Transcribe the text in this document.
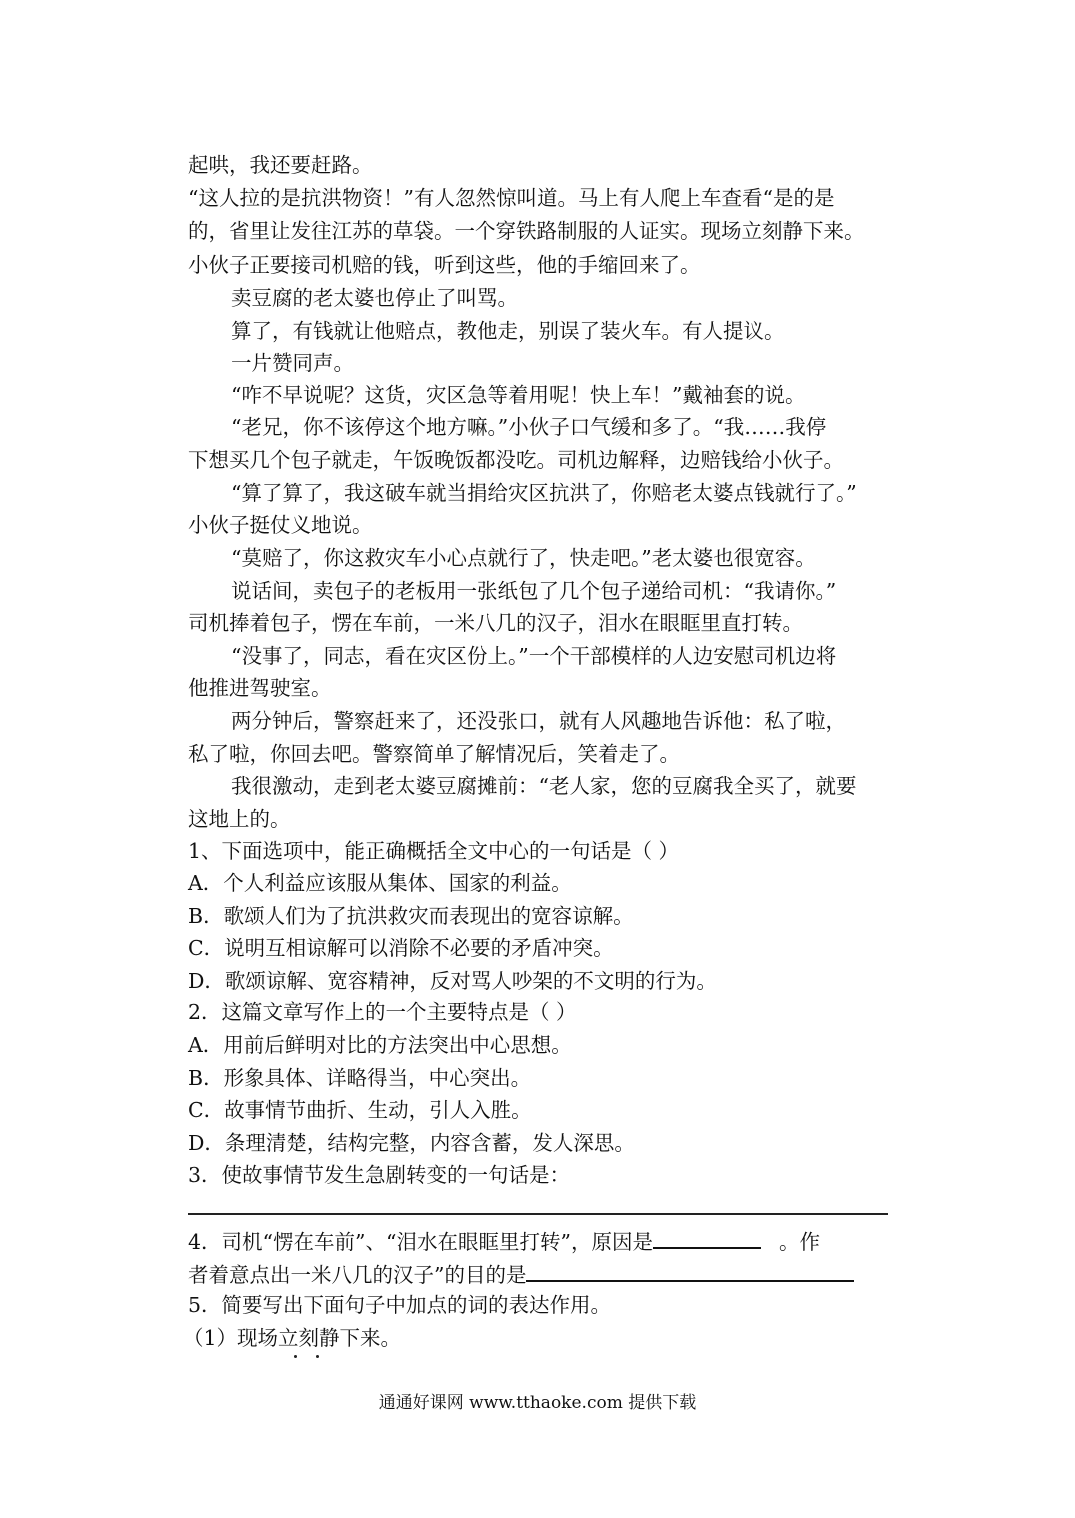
起哄，我还要赶路。
“这人拉的是抗洪物资！”有人忽然惊叫道。马上有人爬上车查看“是的是
的，省里让发往江苏的草袋。一个穿铁路制服的人证实。现场立刻静下来。
小伙子正要接司机赔的钱，听到这些，他的手缩回来了。
卖豆腐的老太婆也停止了叫骂。
算了，有钱就让他赔点，教他走，别误了装火车。有人提议。
一片赞同声。
“咋不早说呢？这货，灾区急等着用呢！快上车！”戴袖套的说。
“老兄，你不该停这个地方嘛。”小伙子口气缓和多了。“我……我停
下想买几个包子就走，午饭晚饭都没吃。司机边解释，边赔钱给小伙子。
“算了算了，我这破车就当捐给灾区抗洪了，你赔老太婆点钱就行了。”
小伙子挺仗义地说。
“莫赔了，你这救灾车小心点就行了，快走吧。”老太婆也很宽容。
说话间，卖包子的老板用一张纸包了几个包子递给司机：“我请你。”
司机捧着包子，愣在车前，一米八几的汉子，泪水在眼眶里直打转。
“没事了，同志，看在灾区份上。”一个干部模样的人边安慰司机边将
他推进驾驶室。
两分钟后，警察赶来了，还没张口，就有人风趣地告诉他：私了啦，
私了啦，你回去吧。警察简单了解情况后，笑着走了。
我很激动，走到老太婆豆腐摊前：“老人家，您的豆腐我全买了，就要
这地上的。
1、下面选项中，能正确概括全文中心的一句话是（ ）
A．个人利益应该服从集体、国家的利益。
B．歌颂人们为了抗洪救灾而表现出的宽容谅解。
C．说明互相谅解可以消除不必要的矛盾冲突。
D．歌颂谅解、宽容精神，反对骂人吵架的不文明的行为。
2．这篇文章写作上的一个主要特点是（ ）
A．用前后鲜明对比的方法突出中心思想。
B．形象具体、详略得当，中心突出。
C．故事情节曲折、生动，引人入胜。
D．条理清楚，结构完整，内容含蓄，发人深思。
3．使故事情节发生急剧转变的一句话是：
4．司机“愣在车前”、“泪水在眼眶里打转”，原因是	。作
者着意点出一米八几的汉子”的目的是
5．简要写出下面句子中加点的词的表达作用。
（1）现场立刻静下来。
通通好课网 www.tthaoke.com 提供下载
